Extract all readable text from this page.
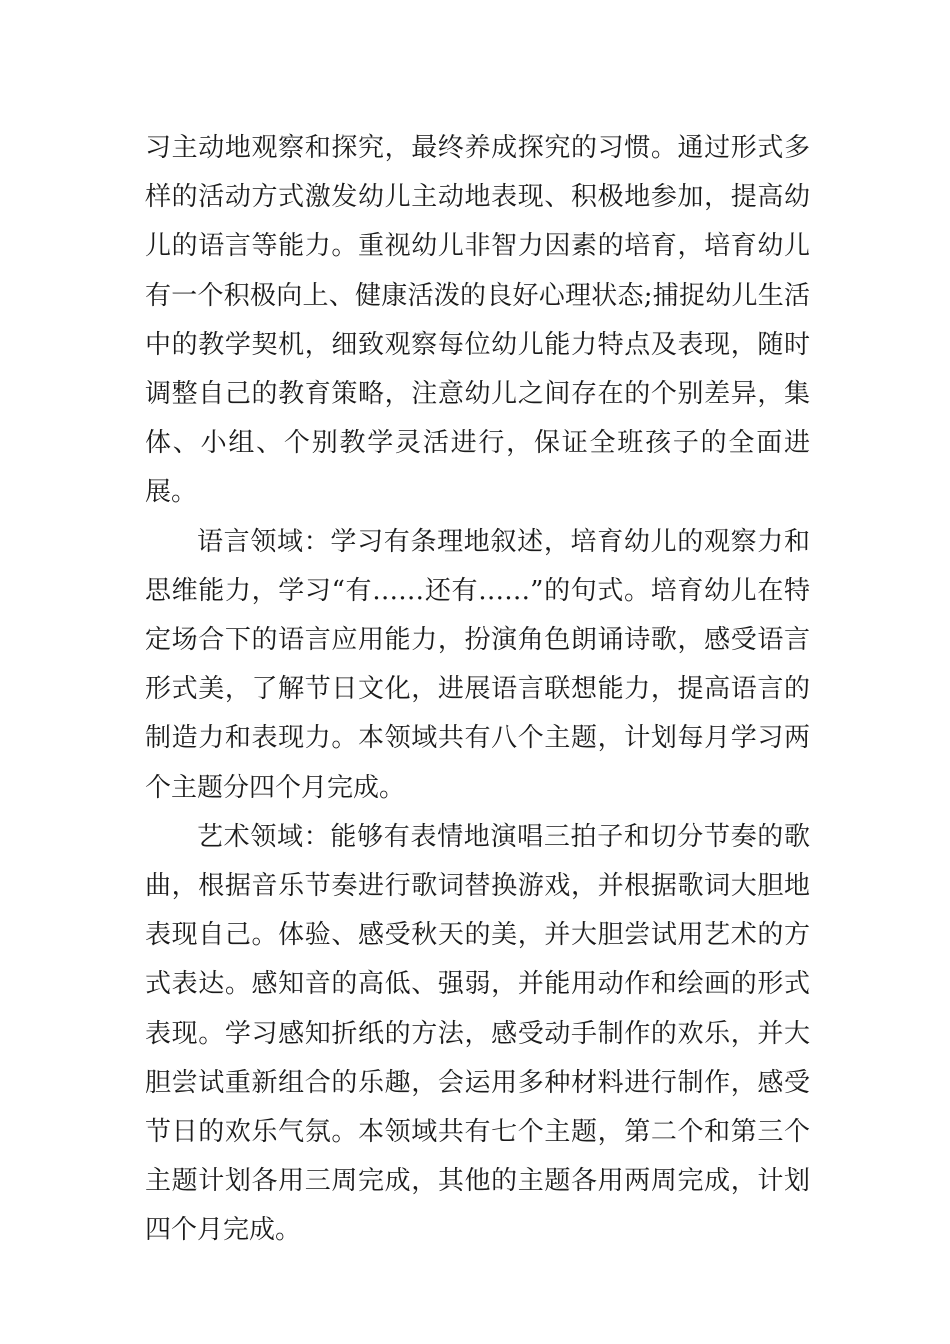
习主动地观察和探究，最终养成探究的习惯。通过形式多样的活动方式激发幼儿主动地表现、积极地参加，提高幼儿的语言等能力。重视幼儿非智力因素的培育，培育幼儿有一个积极向上、健康活泼的良好心理状态;捕捉幼儿生活中的教学契机，细致观察每位幼儿能力特点及表现，随时调整自己的教育策略，注意幼儿之间存在的个别差异，集体、小组、个别教学灵活进行，保证全班孩子的全面进展。

语言领域：学习有条理地叙述，培育幼儿的观察力和思维能力，学习“有……还有……”的句式。培育幼儿在特定场合下的语言应用能力，扮演角色朗诵诗歌，感受语言形式美，了解节日文化，进展语言联想能力，提高语言的制造力和表现力。本领域共有八个主题，计划每月学习两个主题分四个月完成。

艺术领域：能够有表情地演唱三拍子和切分节奏的歌曲，根据音乐节奏进行歌词替换游戏，并根据歌词大胆地表现自己。体验、感受秋天的美，并大胆尝试用艺术的方式表达。感知音的高低、强弱，并能用动作和绘画的形式表现。学习感知折纸的方法，感受动手制作的欢乐，并大胆尝试重新组合的乐趣，会运用多种材料进行制作，感受节日的欢乐气氛。本领域共有七个主题，第二个和第三个主题计划各用三周完成，其他的主题各用两周完成，计划四个月完成。
